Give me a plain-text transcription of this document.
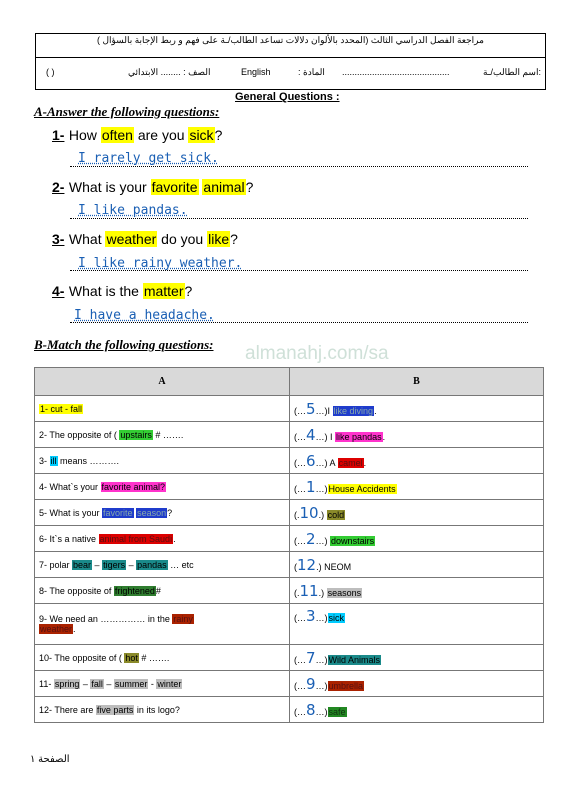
مراجعة الفصل الدراسي الثالث (المحدد بالألوان دلالات تساعد الطالب/ـة على فهم و ربط الإجابة بالسؤال )
اسم الطالب/ـة:
...........................................
المادة :
English
الصف : ........ الابتدائي
( )
General Questions :
A-Answer the following questions:
1- How often are you sick?
I rarely get sick.
2- What is your favorite animal?
I like pandas.
3- What weather do you like?
I like rainy weather.
4- What is the matter?
I have a headache.
B-Match the following questions: almanahj.com/sa
A	B
1- cut - fall	(…5…)I like diving.
2- The opposite of ( upstairs # …….	(…4…) I like pandas.
3- ill means ……….	(…6…) A camel.
4- What`s your favorite animal?	(…1…)House Accidents
5- What is your favorite season?	(.10.) cold
6- It`s a native animal from Saudi.	(…2…) downstairs
7- polar bear – tigers – pandas … etc	(12.) NEOM
8- The opposite of frightened#	(.11.) seasons
9- We need an …………… in the rainy
weather.	(…3…)sick
10- The opposite of ( hot # …….	(…7…)Wild Animals
11- spring – fall – summer - winter	(…9…)umbrella
12- There are five parts in its logo?	(…8…)safe
الصفحة ١
